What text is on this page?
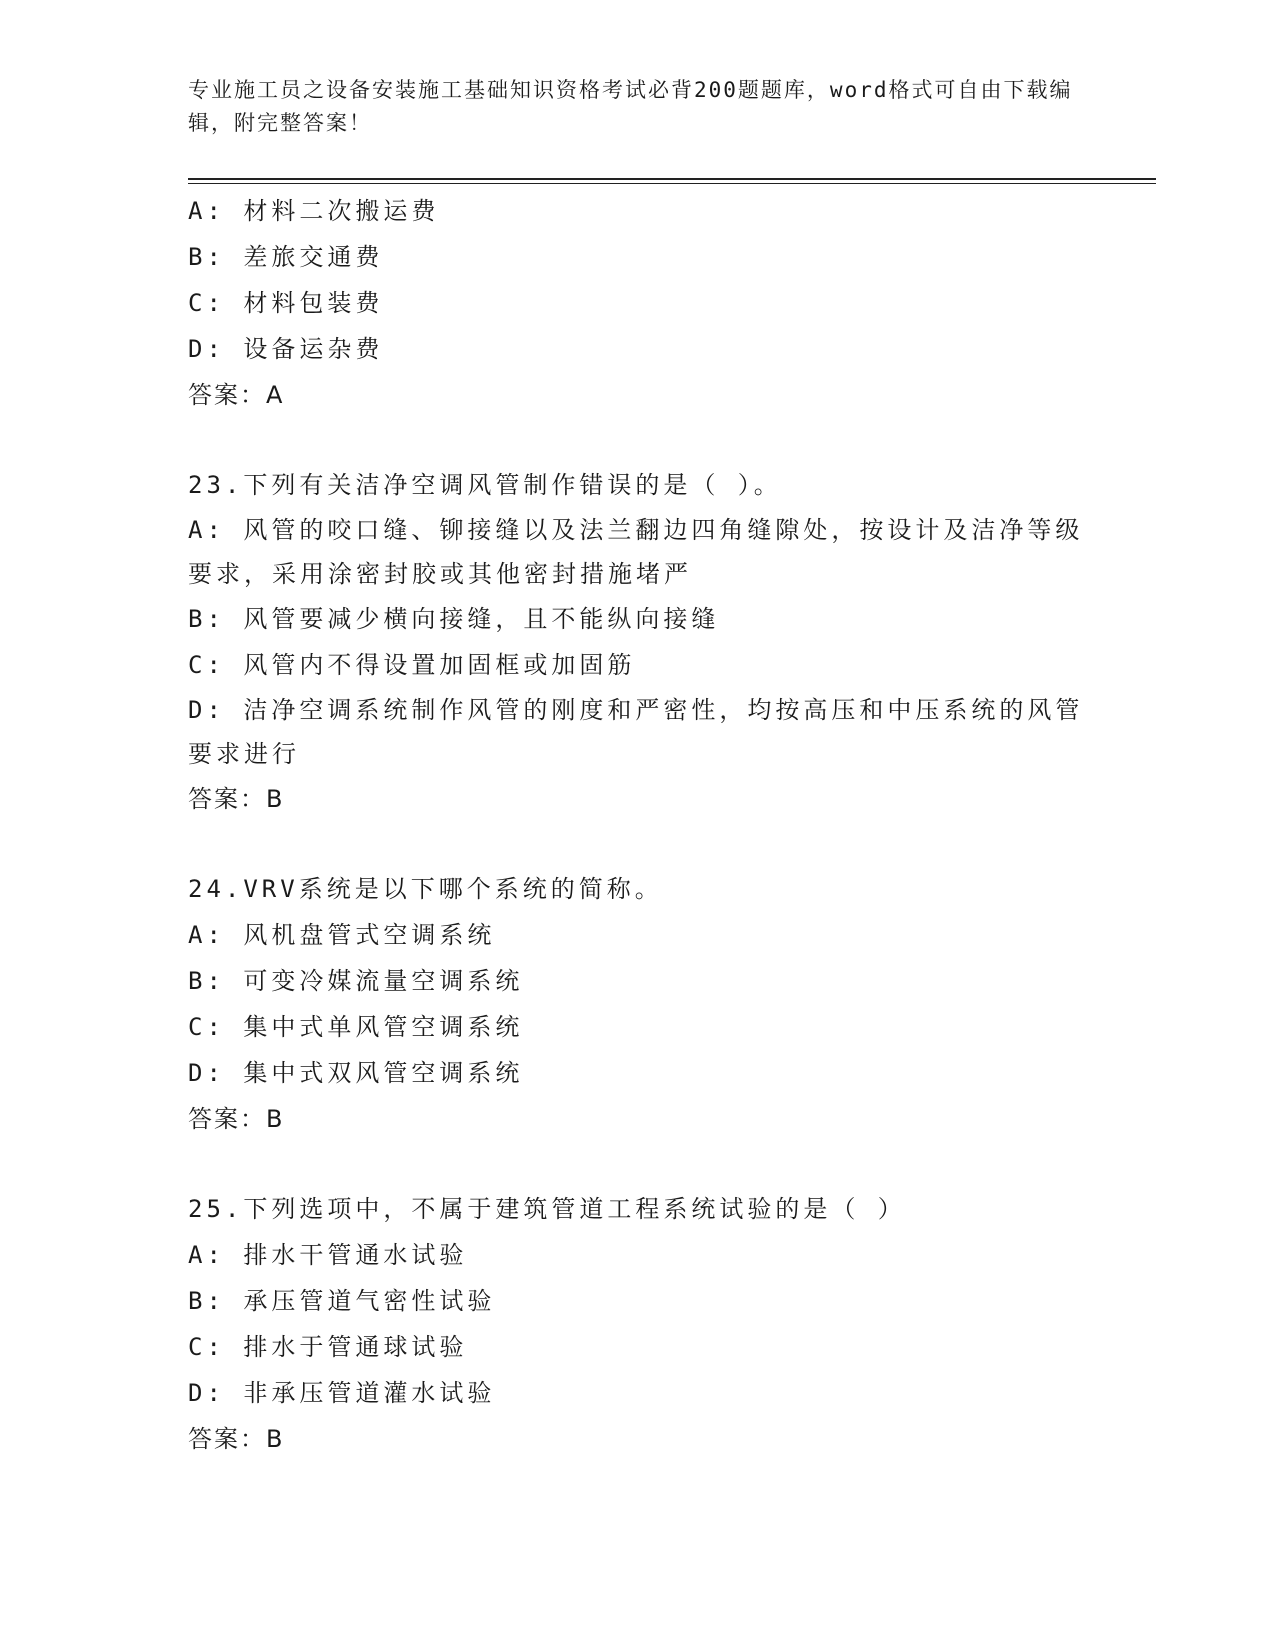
专业施工员之设备安装施工基础知识资格考试必背200题题库，word格式可自由下载编辑，附完整答案！
A: 材料二次搬运费
B: 差旅交通费
C: 材料包装费
D: 设备运杂费
答案：A
23.下列有关洁净空调风管制作错误的是（ ）。
A: 风管的咬口缝、铆接缝以及法兰翻边四角缝隙处，按设计及洁净等级要求，采用涂密封胶或其他密封措施堵严
B: 风管要减少横向接缝，且不能纵向接缝
C: 风管内不得设置加固框或加固筋
D: 洁净空调系统制作风管的刚度和严密性，均按高压和中压系统的风管要求进行
答案：B
24.VRV系统是以下哪个系统的简称。
A: 风机盘管式空调系统
B: 可变冷媒流量空调系统
C: 集中式单风管空调系统
D: 集中式双风管空调系统
答案：B
25.下列选项中，不属于建筑管道工程系统试验的是（ ）
A: 排水干管通水试验
B: 承压管道气密性试验
C: 排水于管通球试验
D: 非承压管道灌水试验
答案：B
